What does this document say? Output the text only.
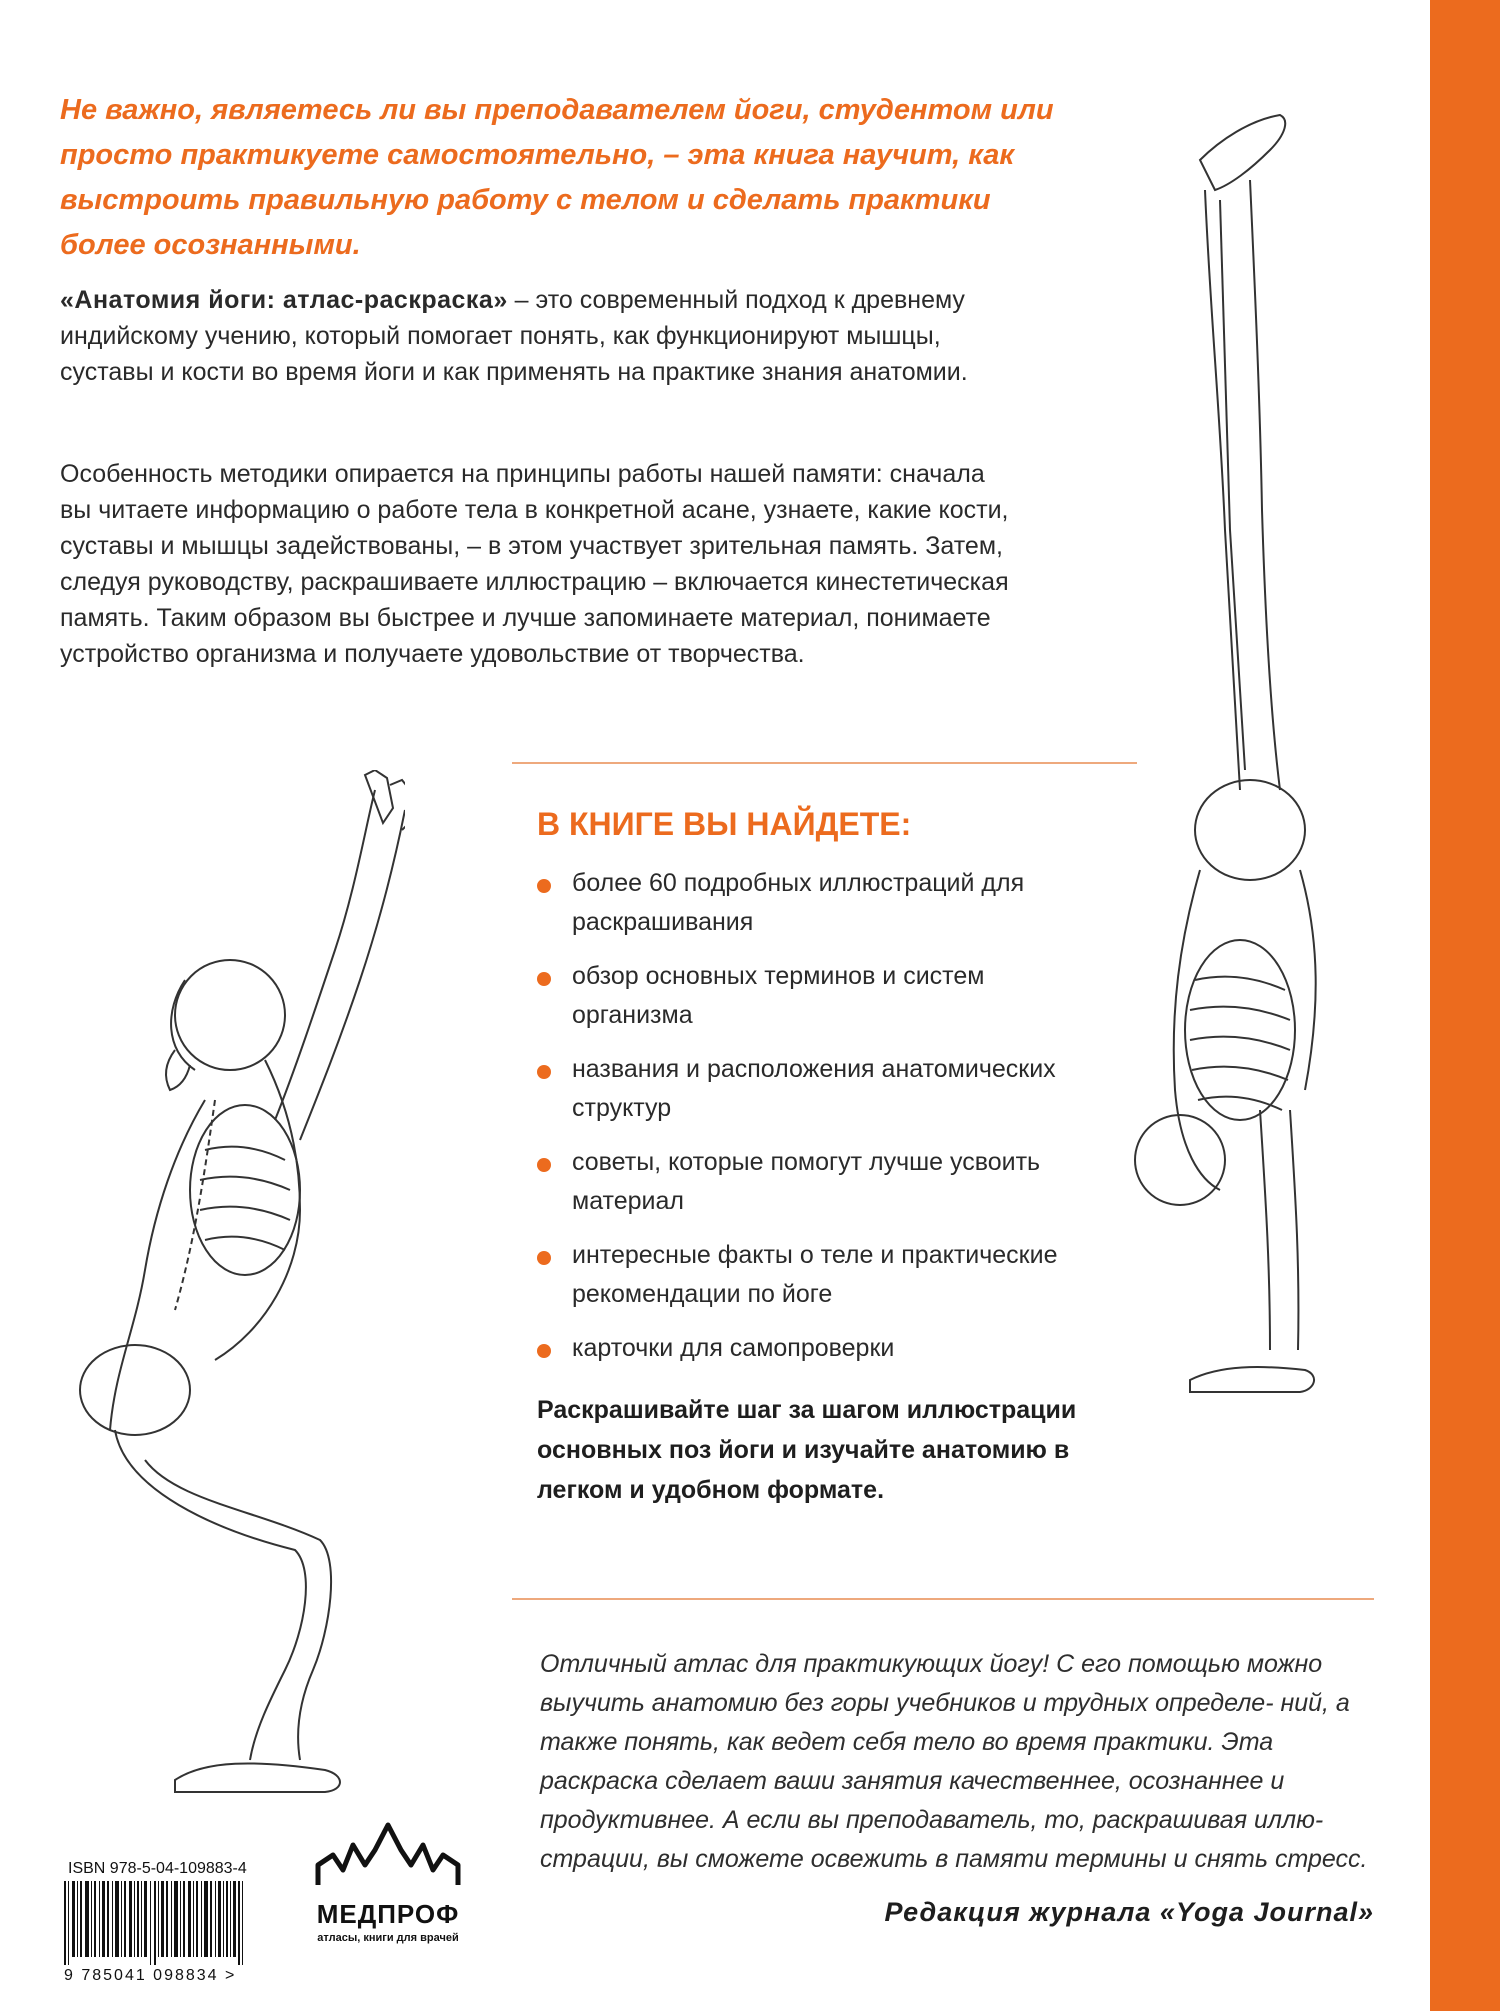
Не важно, являетесь ли вы преподавателем йоги, студентом или просто практикуете самостоятельно, – эта книга научит, как выстроить правильную работу с телом и сделать практики более осознанными.

«Анатомия йоги: атлас-раскраска» – это современный подход к древнему индийскому учению, который помогает понять, как функционируют мышцы, суставы и кости во время йоги и как применять на практике знания анатомии.

Особенность методики опирается на принципы работы нашей памяти: сначала вы читаете информацию о работе тела в конкретной асане, узнаете, какие кости, суставы и мышцы задействованы, – в этом участвует зрительная память. Затем, следуя руководству, раскрашиваете иллюстрацию – включается кинестетическая память. Таким образом вы быстрее и лучше запоминаете материал, понимаете устройство организма и получаете удовольствие от творчества.

В КНИГЕ ВЫ НАЙДЕТЕ:
более 60 подробных иллюстраций для раскрашивания
обзор основных терминов и систем организма
названия и расположения анатомических структур
советы, которые помогут лучше усвоить материал
интересные факты о теле и практические рекомендации по йоге
карточки для самопроверки

Раскрашивайте шаг за шагом иллюстрации основных поз йоги и изучайте анатомию в легком и удобном формате.

Отличный атлас для практикующих йогу! С его помощью можно выучить анатомию без горы учебников и трудных определе- ний, а также понять, как ведет себя тело во время практики. Эта раскраска сделает ваши занятия качественнее, осознаннее и продуктивнее. А если вы преподаватель, то, раскрашивая иллю- страции, вы сможете освежить в памяти термины и снять стресс.

Редакция журнала «Yoga Journal»

ISBN 978-5-04-109883-4
9 785041 098834 >
МЕДПРОФ
атласы, книги для врачей
